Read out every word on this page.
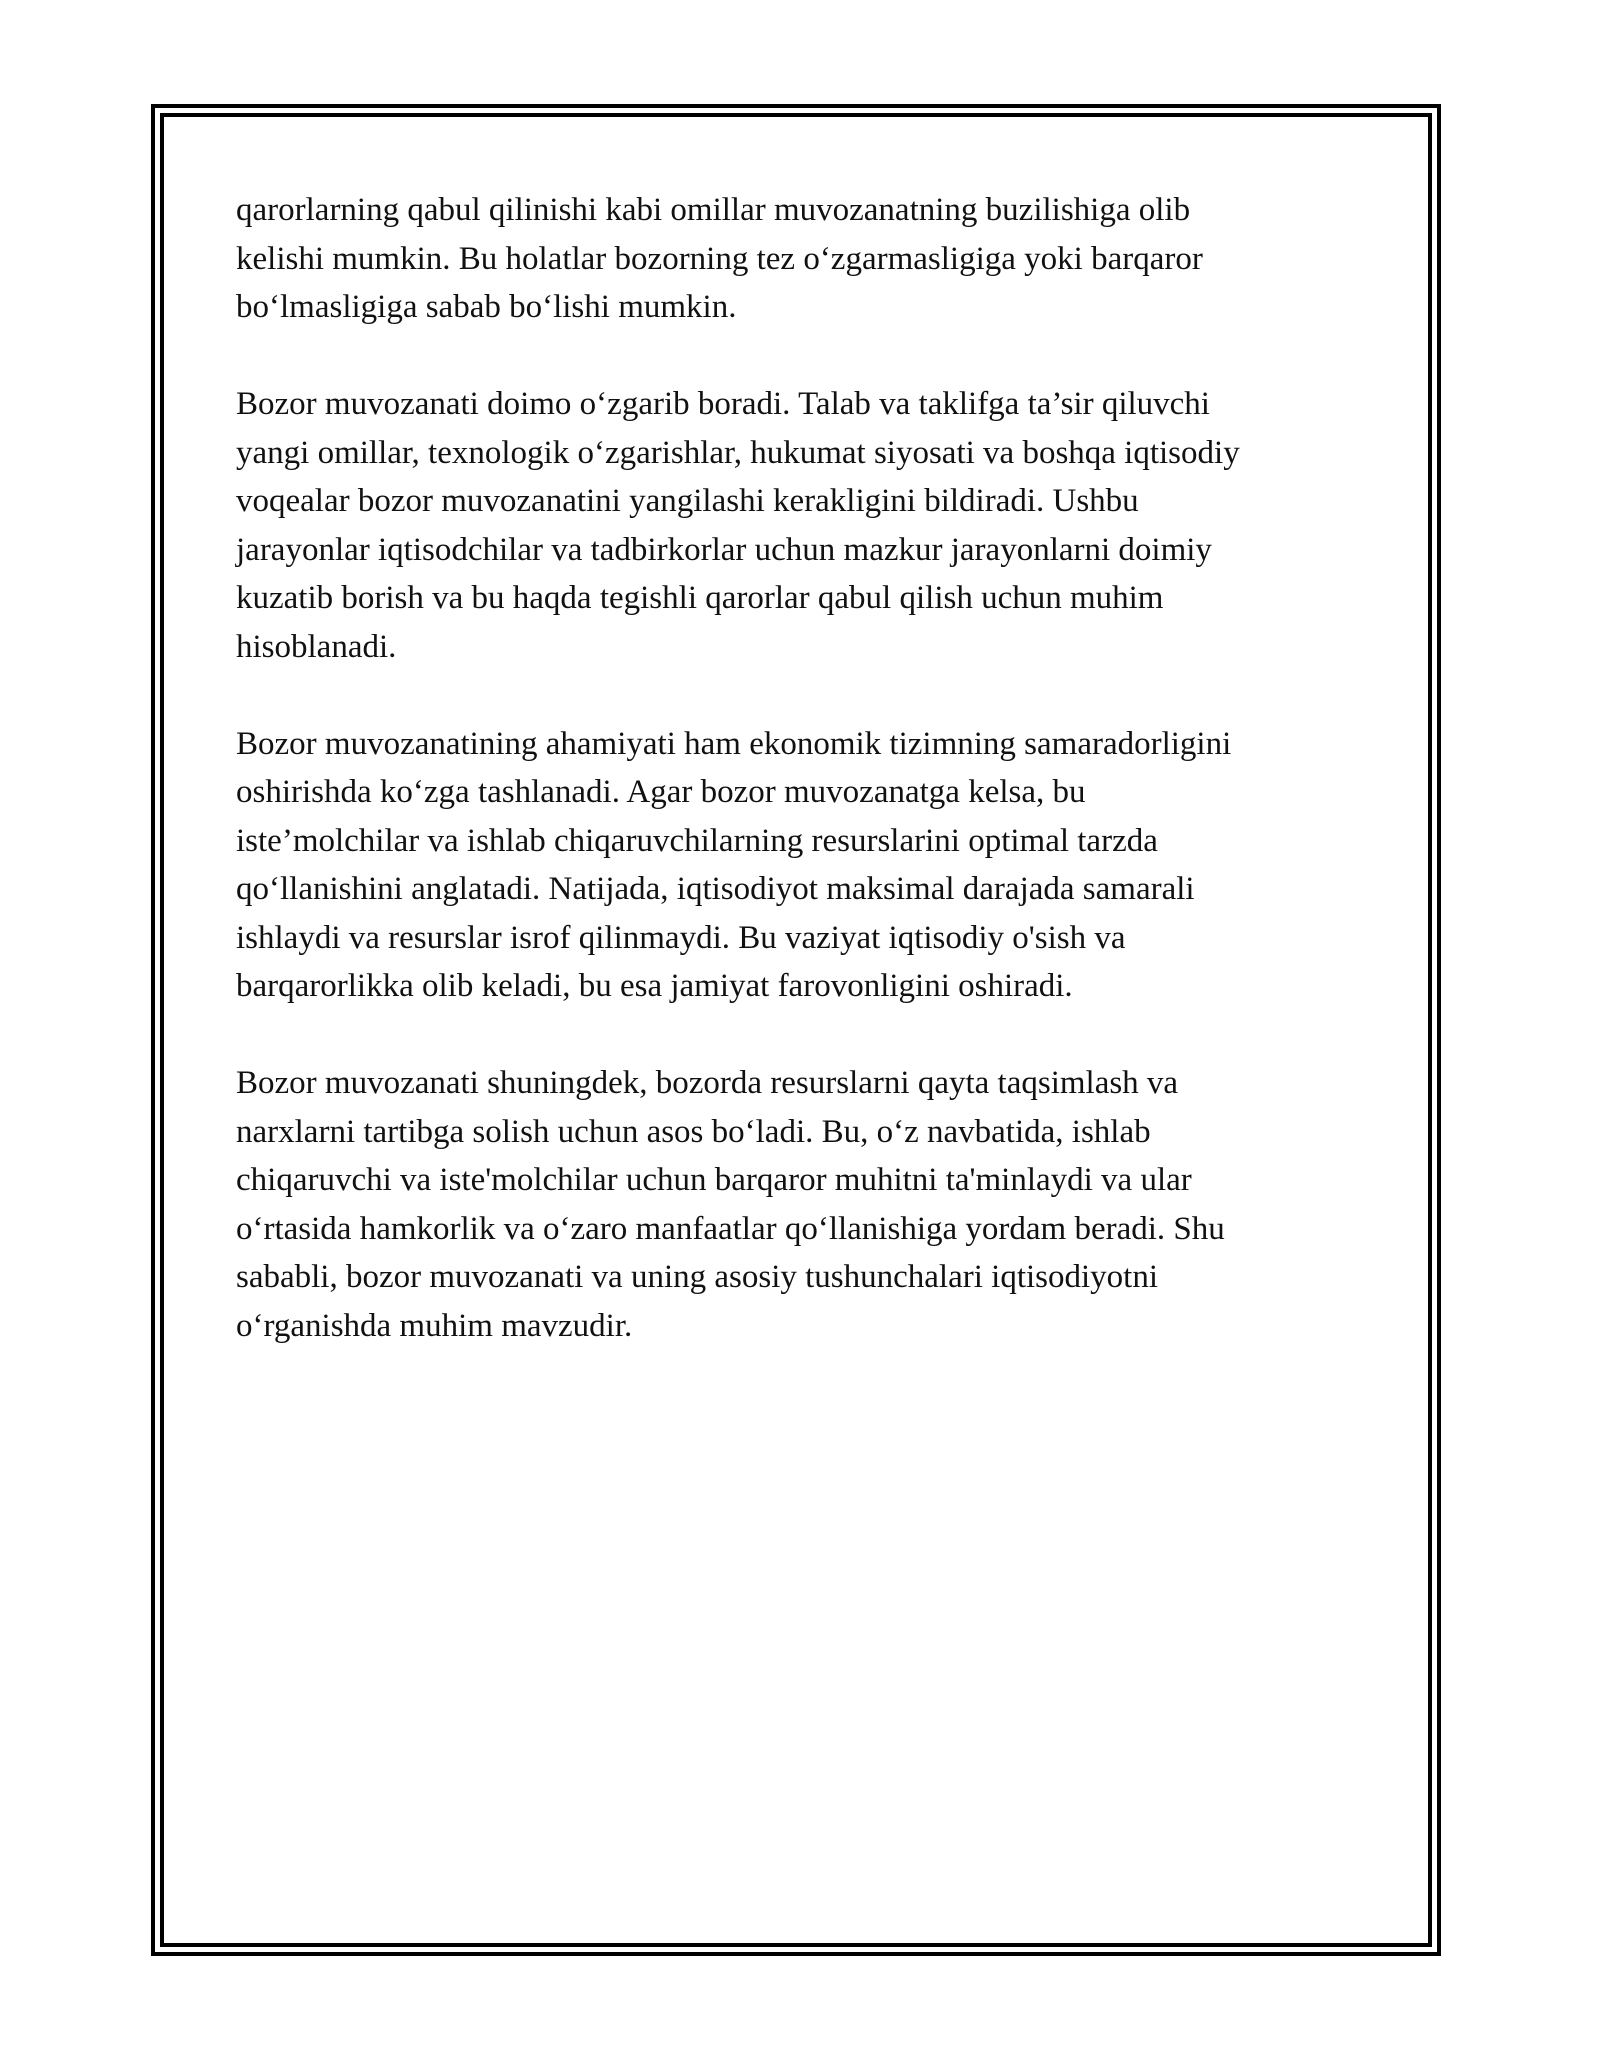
qarorlarning qabul qilinishi kabi omillar muvozanatning buzilishiga olib
kelishi mumkin. Bu holatlar bozorning tez o‘zgarmasligiga yoki barqaror
bo‘lmasligiga sabab bo‘lishi mumkin.

Bozor muvozanati doimo o‘zgarib boradi. Talab va taklifga ta’sir qiluvchi
yangi omillar, texnologik o‘zgarishlar, hukumat siyosati va boshqa iqtisodiy
voqealar bozor muvozanatini yangilashi kerakligini bildiradi. Ushbu
jarayonlar iqtisodchilar va tadbirkorlar uchun mazkur jarayonlarni doimiy
kuzatib borish va bu haqda tegishli qarorlar qabul qilish uchun muhim
hisoblanadi.

Bozor muvozanatining ahamiyati ham ekonomik tizimning samaradorligini
oshirishda ko‘zga tashlanadi. Agar bozor muvozanatga kelsa, bu
iste’molchilar va ishlab chiqaruvchilarning resurslarini optimal tarzda
qo‘llanishini anglatadi. Natijada, iqtisodiyot maksimal darajada samarali
ishlaydi va resurslar isrof qilinmaydi. Bu vaziyat iqtisodiy o'sish va
barqarorlikka olib keladi, bu esa jamiyat farovonligini oshiradi.

Bozor muvozanati shuningdek, bozorda resurslarni qayta taqsimlash va
narxlarni tartibga solish uchun asos bo‘ladi. Bu, o‘z navbatida, ishlab
chiqaruvchi va iste'molchilar uchun barqaror muhitni ta'minlaydi va ular
o‘rtasida hamkorlik va o‘zaro manfaatlar qo‘llanishiga yordam beradi. Shu
sababli, bozor muvozanati va uning asosiy tushunchalari iqtisodiyotni
o‘rganishda muhim mavzudir.
